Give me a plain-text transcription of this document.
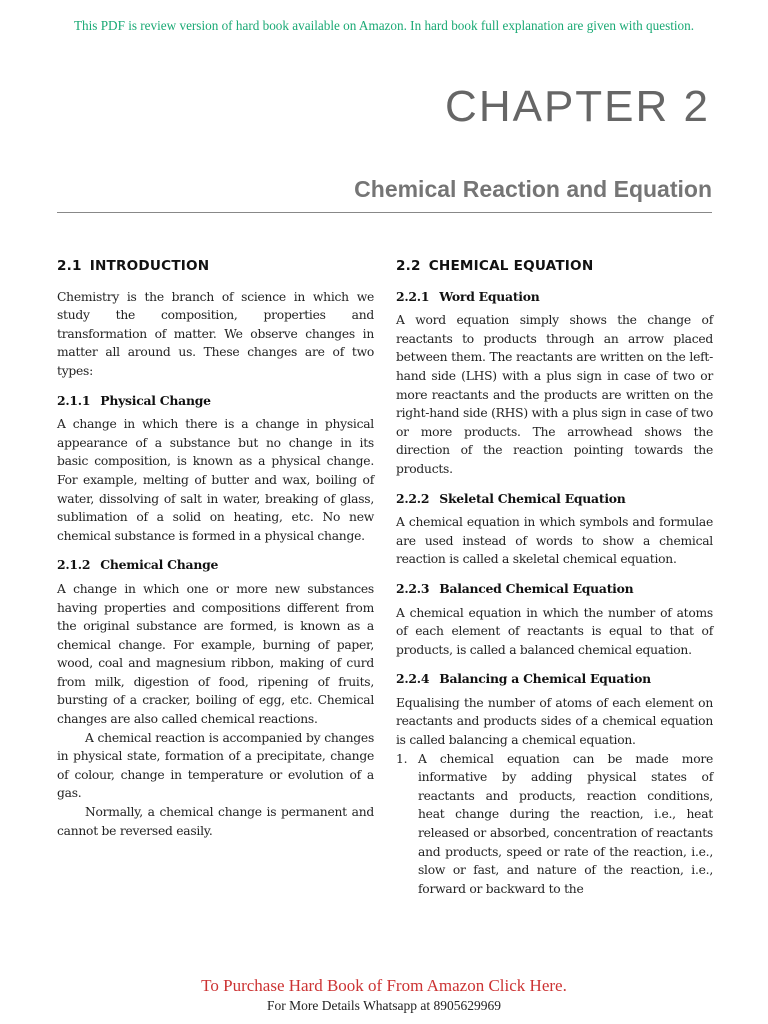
This PDF is review version of hard book available on Amazon. In hard book full explanation are given with question.
CHAPTER 2
Chemical Reaction and Equation
2.1 INTRODUCTION

Chemistry is the branch of science in which we study the composition, properties and transformation of matter. We observe changes in matter all around us. These changes are of two types:

2.1.1 Physical Change

A change in which there is a change in physical appearance of a substance but no change in its basic composition, is known as a physical change. For example, melting of butter and wax, boiling of water, dissolving of salt in water, breaking of glass, sublimation of a solid on heating, etc. No new chemical substance is formed in a physical change.

2.1.2 Chemical Change

A change in which one or more new substances having properties and compositions different from the original substance are formed, is known as a chemical change. For example, burning of paper, wood, coal and magnesium ribbon, making of curd from milk, digestion of food, ripening of fruits, bursting of a cracker, boiling of egg, etc. Chemical changes are also called chemical reactions.

A chemical reaction is accompanied by changes in physical state, formation of a precipitate, change of colour, change in temperature or evolution of a gas.

Normally, a chemical change is permanent and cannot be reversed easily.

2.2 CHEMICAL EQUATION
2.2.1 Word Equation

A word equation simply shows the change of reactants to products through an arrow placed between them. The reactants are written on the left-hand side (LHS) with a plus sign in case of two or more reactants and the products are written on the right-hand side (RHS) with a plus sign in case of two or more products. The arrowhead shows the direction of the reaction pointing towards the products.

2.2.2 Skeletal Chemical Equation

A chemical equation in which symbols and formulae are used instead of words to show a chemical reaction is called a skeletal chemical equation.

2.2.3 Balanced Chemical Equation

A chemical equation in which the number of atoms of each element of reactants is equal to that of products, is called a balanced chemical equation.

2.2.4 Balancing a Chemical Equation

Equalising the number of atoms of each element on reactants and products sides of a chemical equation is called balancing a chemical equation.

1. A chemical equation can be made more informative by adding physical states of reactants and products, reaction conditions, heat change during the reaction, i.e., heat released or absorbed, concentration of reactants and products, speed or rate of the reaction, i.e., slow or fast, and nature of the reaction, i.e., forward or backward to the
To Purchase Hard Book of From Amazon Click Here.
For More Details Whatsapp at 8905629969
